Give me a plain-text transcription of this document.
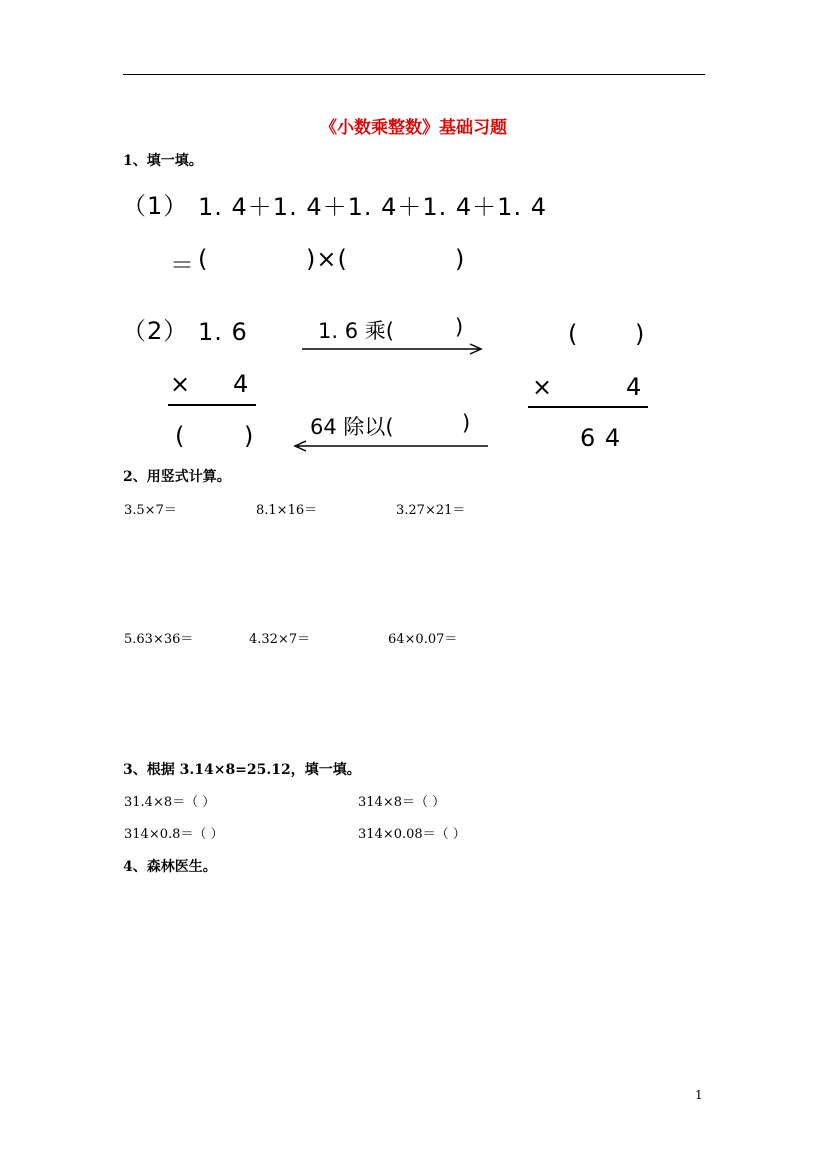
《小数乘整数》基础习题
1、填一填。
（1） 1. 4＋1. 4＋1. 4＋1. 4＋1. 4
＝ (	)×(	)
（2） 1. 6	1. 6 乘(	)	( )
× 4	×	4
( )	64 除以(	)
6 4
2、用竖式计算。
3.5×7＝	8.1×16＝	3.27×21＝
5.63×36＝	4.32×7＝	64×0.07＝
3、根据 3.14×8=25.12，填一填。
31.4×8＝（ ）	314×8＝（ ）
314×0.8＝（ ）	314×0.08＝（ ）
4、森林医生。
1
